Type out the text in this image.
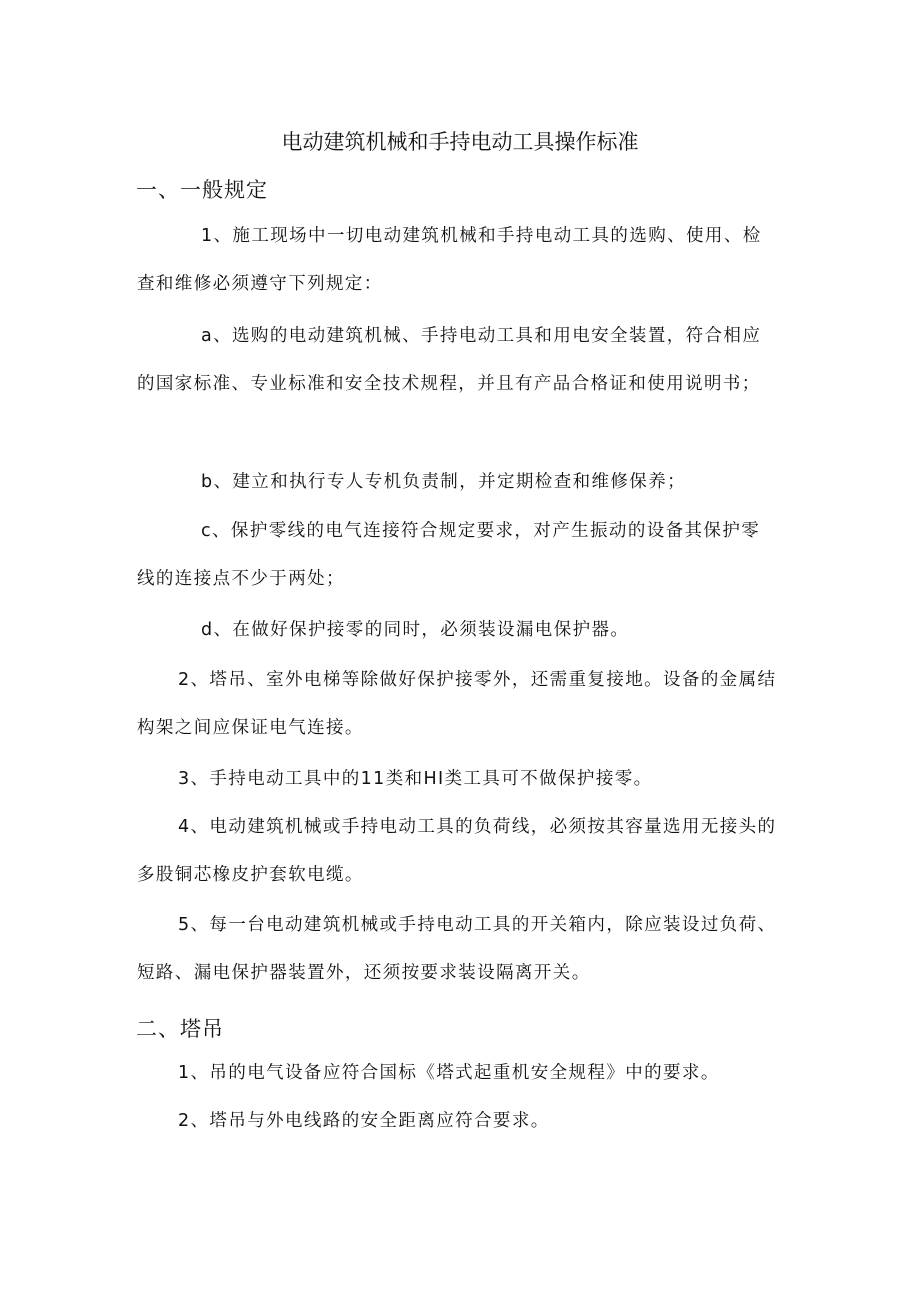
电动建筑机械和手持电动工具操作标准
一、一般规定

1、施工现场中一切电动建筑机械和手持电动工具的选购、使用、检查和维修必须遵守下列规定：

a、选购的电动建筑机械、手持电动工具和用电安全装置，符合相应的国家标准、专业标准和安全技术规程，并且有产品合格证和使用说明书；

b、建立和执行专人专机负责制，并定期检查和维修保养；

c、保护零线的电气连接符合规定要求，对产生振动的设备其保护零线的连接点不少于两处；

d、在做好保护接零的同时，必须装设漏电保护器。

2、塔吊、室外电梯等除做好保护接零外，还需重复接地。设备的金属结构架之间应保证电气连接。

3、手持电动工具中的11类和HI类工具可不做保护接零。

4、电动建筑机械或手持电动工具的负荷线，必须按其容量选用无接头的多股铜芯橡皮护套软电缆。

5、每一台电动建筑机械或手持电动工具的开关箱内，除应装设过负荷、短路、漏电保护器装置外，还须按要求装设隔离开关。

二、塔吊

1、吊的电气设备应符合国标《塔式起重机安全规程》中的要求。

2、塔吊与外电线路的安全距离应符合要求。
